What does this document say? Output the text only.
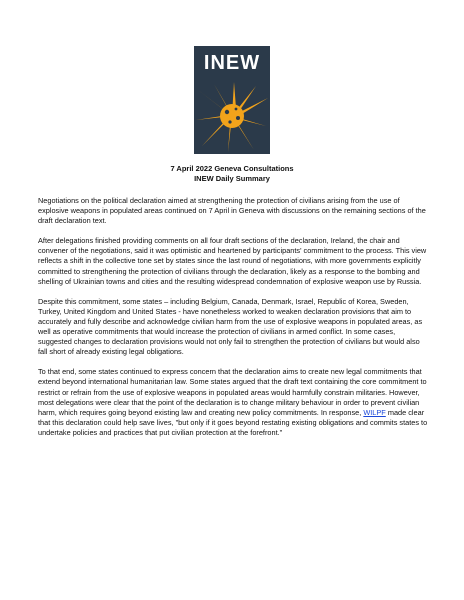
INEW
7 April 2022 Geneva Consultations
INEW Daily Summary

Negotiations on the political declaration aimed at strengthening the protection of civilians arising from the use of explosive weapons in populated areas continued on 7 April in Geneva with discussions on the remaining sections of the draft declaration text.

After delegations finished providing comments on all four draft sections of the declaration, Ireland, the chair and convener of the negotiations, said it was optimistic and heartened by participants' commitment to the process. This view reflects a shift in the collective tone set by states since the last round of negotiations, with more governments explicitly committed to strengthening the protection of civilians through the declaration, likely as a response to the bombing and shelling of Ukrainian towns and cities and the resulting widespread condemnation of explosive weapon use by Russia.

Despite this commitment, some states – including Belgium, Canada, Denmark, Israel, Republic of Korea, Sweden, Turkey, United Kingdom and United States - have nonetheless worked to weaken declaration provisions that aim to accurately and fully describe and acknowledge civilian harm from the use of explosive weapons in populated areas, as well as operative commitments that would increase the protection of civilians in armed conflict. In some cases, suggested changes to declaration provisions would not only fail to strengthen the protection of civilians but would also fall short of already existing legal obligations.

To that end, some states continued to express concern that the declaration aims to create new legal commitments that extend beyond international humanitarian law. Some states argued that the draft text containing the core commitment to restrict or refrain from the use of explosive weapons in populated areas would harmfully constrain militaries. However, most delegations were clear that the point of the declaration is to change military behaviour in order to prevent civilian harm, which requires going beyond existing law and creating new policy commitments. In response, WILPF made clear that this declaration could help save lives, "but only if it goes beyond restating existing obligations and commits states to undertake policies and practices that put civilian protection at the forefront."
